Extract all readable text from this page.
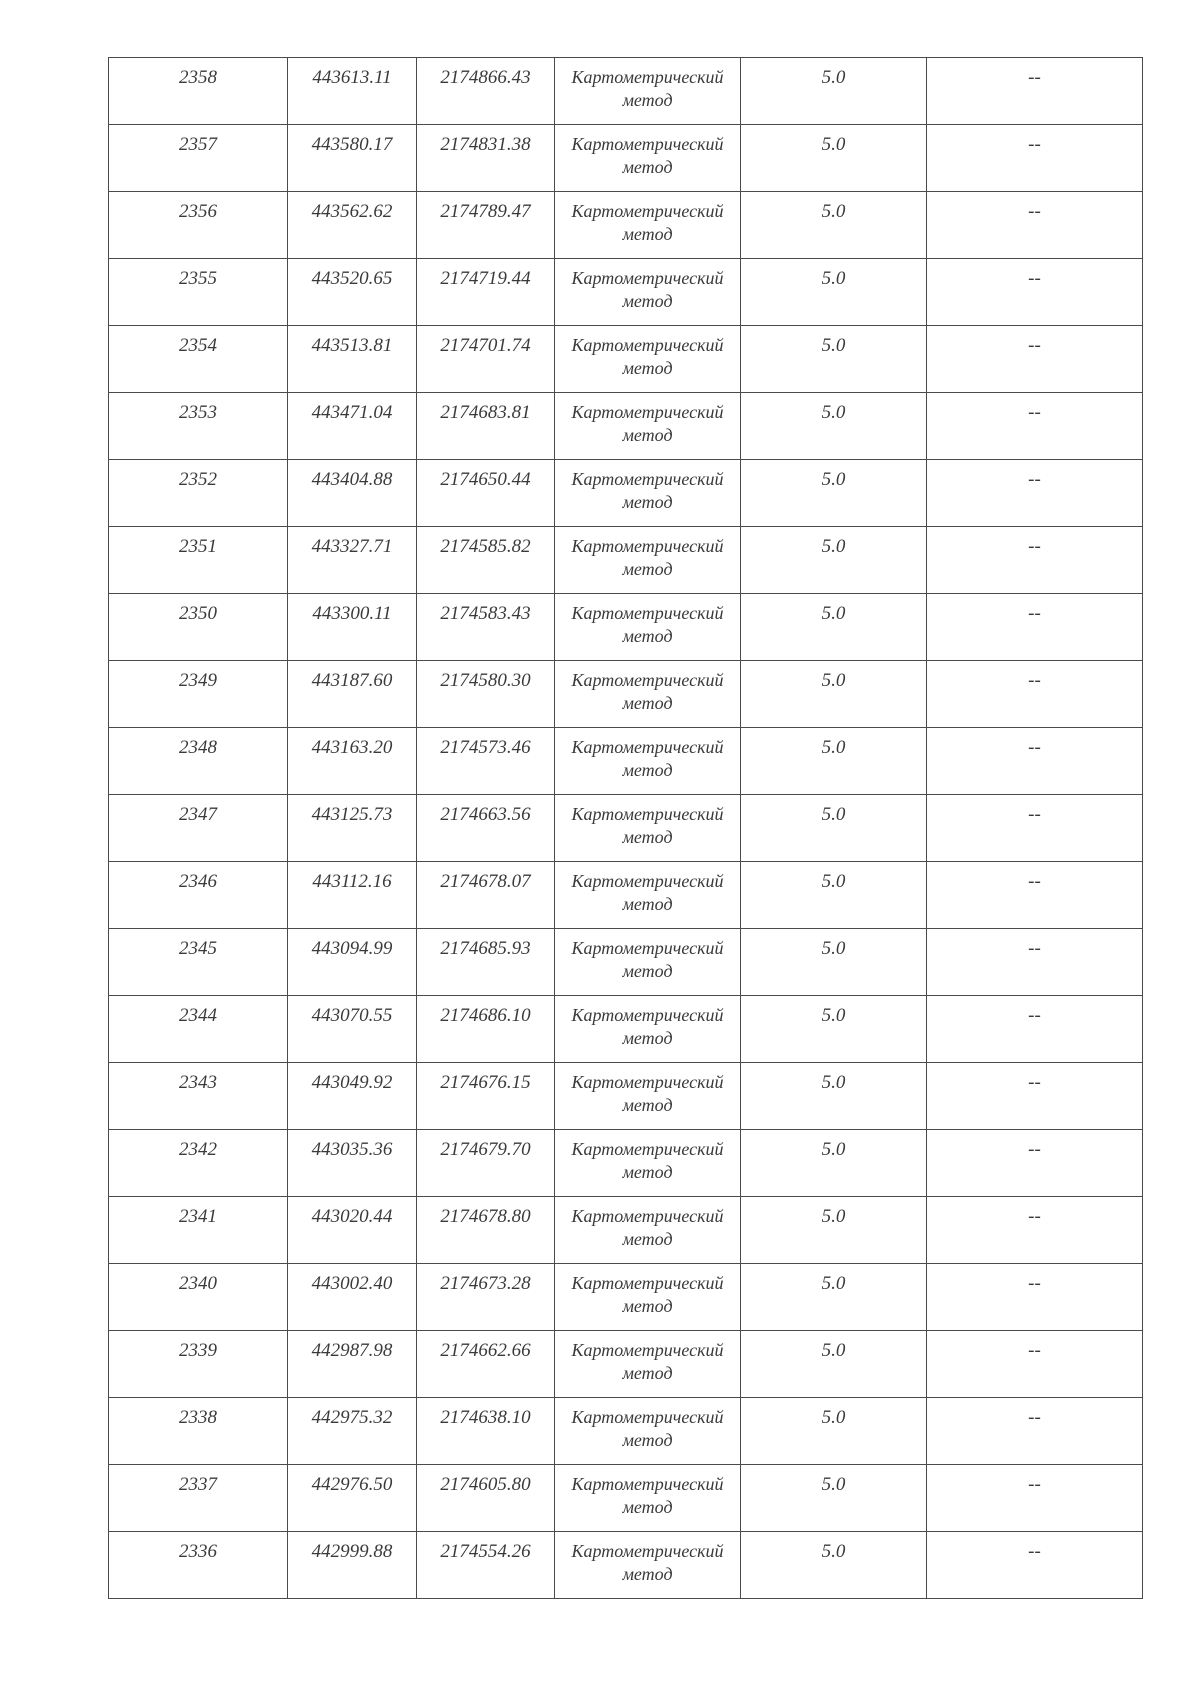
2358	443613.11	2174866.43	Картометрический
метод	5.0	--
2357	443580.17	2174831.38	Картометрический
метод	5.0	--
2356	443562.62	2174789.47	Картометрический
метод	5.0	--
2355	443520.65	2174719.44	Картометрический
метод	5.0	--
2354	443513.81	2174701.74	Картометрический
метод	5.0	--
2353	443471.04	2174683.81	Картометрический
метод	5.0	--
2352	443404.88	2174650.44	Картометрический
метод	5.0	--
2351	443327.71	2174585.82	Картометрический
метод	5.0	--
2350	443300.11	2174583.43	Картометрический
метод	5.0	--
2349	443187.60	2174580.30	Картометрический
метод	5.0	--
2348	443163.20	2174573.46	Картометрический
метод	5.0	--
2347	443125.73	2174663.56	Картометрический
метод	5.0	--
2346	443112.16	2174678.07	Картометрический
метод	5.0	--
2345	443094.99	2174685.93	Картометрический
метод	5.0	--
2344	443070.55	2174686.10	Картометрический
метод	5.0	--
2343	443049.92	2174676.15	Картометрический
метод	5.0	--
2342	443035.36	2174679.70	Картометрический
метод	5.0	--
2341	443020.44	2174678.80	Картометрический
метод	5.0	--
2340	443002.40	2174673.28	Картометрический
метод	5.0	--
2339	442987.98	2174662.66	Картометрический
метод	5.0	--
2338	442975.32	2174638.10	Картометрический
метод	5.0	--
2337	442976.50	2174605.80	Картометрический
метод	5.0	--
2336	442999.88	2174554.26	Картометрический
метод	5.0	--
